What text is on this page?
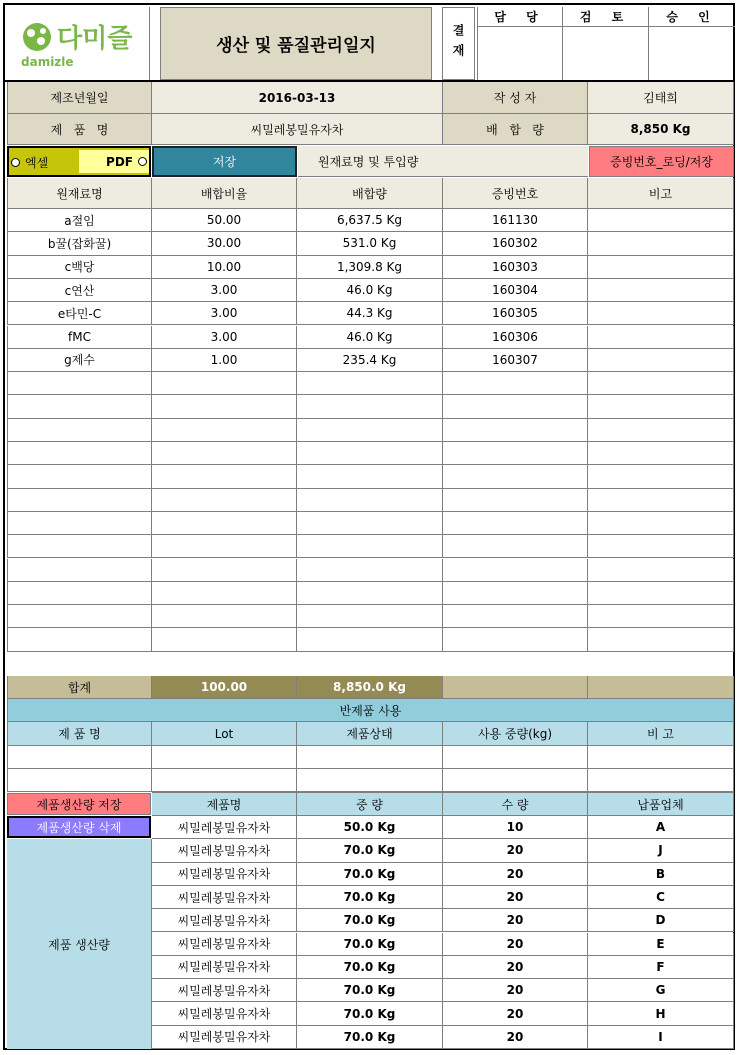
다미즐
damizle
생산 및 품질관리일지	결재
담 당	검 토	승 인
제조년월일	2016-03-13	작 성 자	김태희
제   품   명	씨밀레봉밀유자차	배   합   량	8,850 Kg
엑셀	PDF	저장	원재료명 및 투입량	증빙번호_로딩/저장
원재료명	배합비율	배합량	증빙번호	비고
a절임	50.00	6,637.5 Kg	161130
b꿀(잡화꿀)	30.00	531.0 Kg	160302
c백당	10.00	1,309.8 Kg	160303
c연산	3.00	46.0 Kg	160304
e타민-C	3.00	44.3 Kg	160305
fMC	3.00	46.0 Kg	160306
g제수	1.00	235.4 Kg	160307
합계	100.00	8,850.0 Kg
반제품 사용
제 품 명	Lot	제품상태	사용 중량(kg)	비 고
제품생산량 저장
제품생산량 삭제
제품 생산량
제품명	중 량	수 량	납품업체
씨밀레봉밀유자차	50.0 Kg	10	A
씨밀레봉밀유자차	70.0 Kg	20	J
씨밀레봉밀유자차	70.0 Kg	20	B
씨밀레봉밀유자차	70.0 Kg	20	C
씨밀레봉밀유자차	70.0 Kg	20	D
씨밀레봉밀유자차	70.0 Kg	20	E
씨밀레봉밀유자차	70.0 Kg	20	F
씨밀레봉밀유자차	70.0 Kg	20	G
씨밀레봉밀유자차	70.0 Kg	20	H
씨밀레봉밀유자차	70.0 Kg	20	I
